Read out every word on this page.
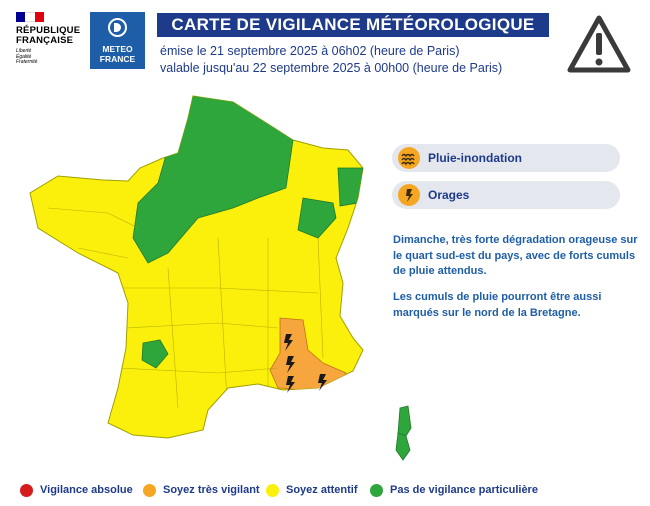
RÉPUBLIQUE
FRANÇAISE
Liberté
Égalité
Fraternité
METEO
FRANCE
CARTE DE VIGILANCE MÉTÉOROLOGIQUE
émise le 21 septembre 2025 à 06h02 (heure de Paris)
valable jusqu'au 22 septembre 2025 à 00h00 (heure de Paris)
Pluie-inondation
Orages
Dimanche, très forte dégradation orageuse sur le quart sud-est du pays, avec de forts cumuls de pluie attendus.
Les cumuls de pluie pourront être aussi marqués sur le nord de la Bretagne.
Vigilance absolue	Soyez très vigilant Soyez attentif	Pas de vigilance particulière
